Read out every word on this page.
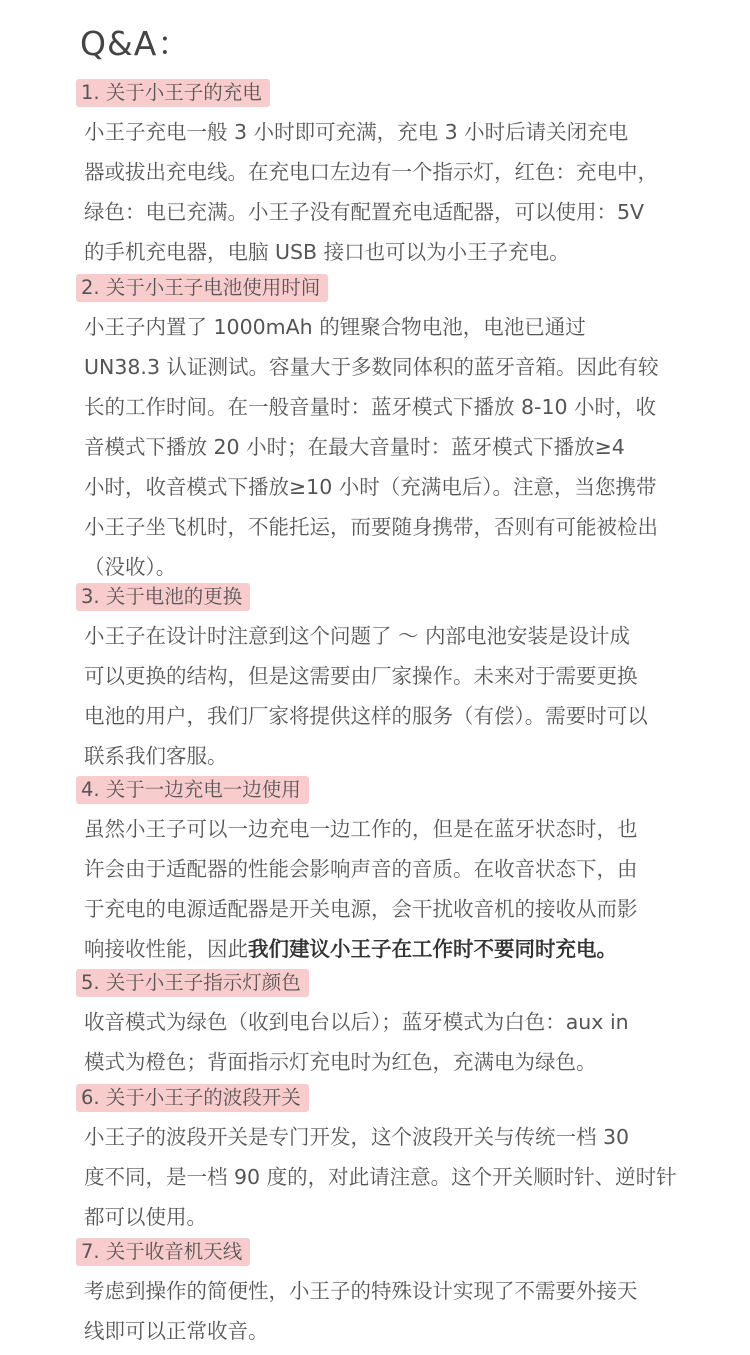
Q&A：
1. 关于小王子的充电
小王子充电一般 3 小时即可充满，充电 3 小时后请关闭充电
器或拔出充电线。在充电口左边有一个指示灯，红色：充电中，
绿色：电已充满。小王子没有配置充电适配器，可以使用：5V
的手机充电器，电脑 USB 接口也可以为小王子充电。
2. 关于小王子电池使用时间
小王子内置了 1000mAh 的锂聚合物电池，电池已通过
UN38.3 认证测试。容量大于多数同体积的蓝牙音箱。因此有较
长的工作时间。在一般音量时：蓝牙模式下播放 8-10 小时，收
音模式下播放 20 小时；在最大音量时：蓝牙模式下播放≥4
小时，收音模式下播放≥10 小时（充满电后）。注意，当您携带
小王子坐飞机时，不能托运，而要随身携带，否则有可能被检出
（没收）。
3. 关于电池的更换
小王子在设计时注意到这个问题了 ～ 内部电池安装是设计成
可以更换的结构，但是这需要由厂家操作。未来对于需要更换
电池的用户，我们厂家将提供这样的服务（有偿）。需要时可以
联系我们客服。
4. 关于一边充电一边使用
虽然小王子可以一边充电一边工作的，但是在蓝牙状态时，也
许会由于适配器的性能会影响声音的音质。在收音状态下，由
于充电的电源适配器是开关电源，会干扰收音机的接收从而影
响接收性能，因此我们建议小王子在工作时不要同时充电。
5. 关于小王子指示灯颜色
收音模式为绿色（收到电台以后）；蓝牙模式为白色：aux in
模式为橙色；背面指示灯充电时为红色，充满电为绿色。
6. 关于小王子的波段开关
小王子的波段开关是专门开发，这个波段开关与传统一档 30
度不同，是一档 90 度的，对此请注意。这个开关顺时针、逆时针
都可以使用。
7. 关于收音机天线
考虑到操作的简便性，小王子的特殊设计实现了不需要外接天
线即可以正常收音。
